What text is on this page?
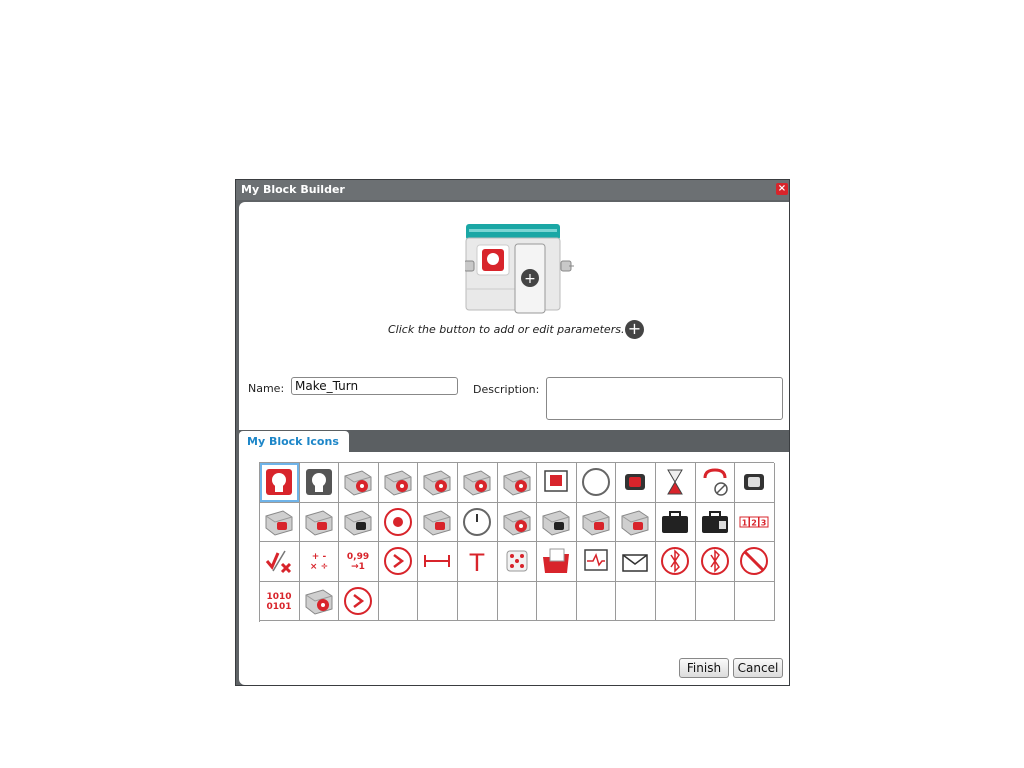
My Block Builder	×
+
Click the button to add or edit parameters. +
Name:
Make_Turn	Description:
My Block Icons
1 2 3
+ -
× ÷
0,99
→1	T
1010
0101
Finish	Cancel
